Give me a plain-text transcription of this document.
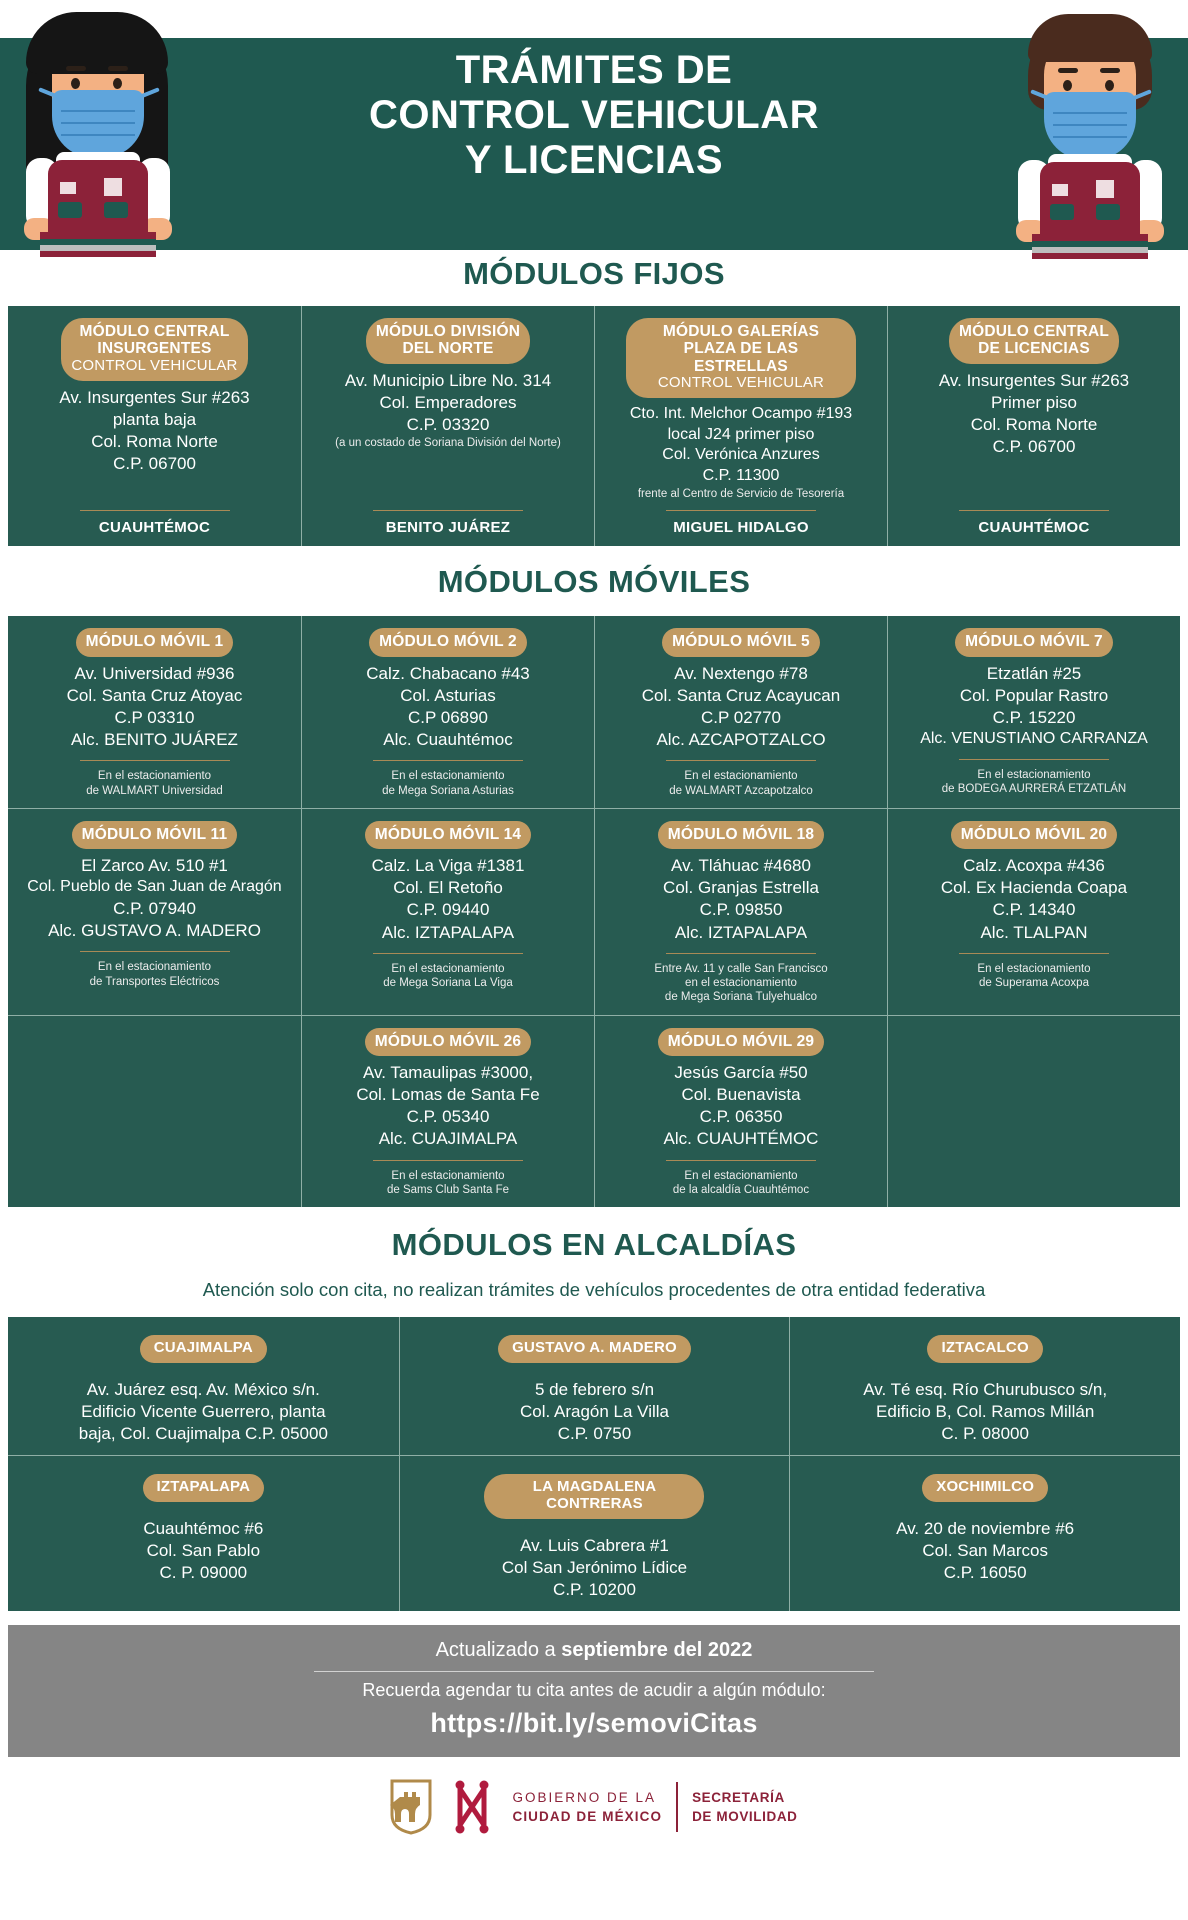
TRÁMITES DE
CONTROL VEHICULAR
Y LICENCIAS
MÓDULOS FIJOS
MÓDULO CENTRAL
INSURGENTES
CONTROL VEHICULAR
Av. Insurgentes Sur #263
planta baja
Col. Roma Norte
C.P. 06700
CUAUHTÉMOC
MÓDULO DIVISIÓN
DEL NORTE
Av. Municipio Libre No. 314
Col. Emperadores
C.P. 03320
(a un costado de Soriana División del Norte)
BENITO JUÁREZ
MÓDULO GALERÍAS
PLAZA DE LAS ESTRELLAS
CONTROL VEHICULAR
Cto. Int. Melchor Ocampo #193
local J24 primer piso
Col. Verónica Anzures
C.P. 11300
frente al Centro de Servicio de Tesorería
MIGUEL HIDALGO
MÓDULO CENTRAL
DE LICENCIAS
Av. Insurgentes Sur #263
Primer piso
Col. Roma Norte
C.P. 06700
CUAUHTÉMOC
MÓDULOS MÓVILES
MÓDULO MÓVIL 1
Av. Universidad #936
Col. Santa Cruz Atoyac
C.P 03310
Alc. BENITO JUÁREZ
En el estacionamiento
de WALMART Universidad
MÓDULO MÓVIL 2
Calz. Chabacano #43
Col. Asturias
C.P 06890
Alc. Cuauhtémoc
En el estacionamiento
de Mega Soriana Asturias
MÓDULO MÓVIL 5
Av. Nextengo #78
Col. Santa Cruz Acayucan
C.P 02770
Alc. AZCAPOTZALCO
En el estacionamiento
de WALMART Azcapotzalco
MÓDULO MÓVIL 7
Etzatlán #25
Col. Popular Rastro
C.P. 15220
Alc. VENUSTIANO CARRANZA
En el estacionamiento
de BODEGA AURRERÁ ETZATLÁN
MÓDULO MÓVIL 11
El Zarco Av. 510 #1
Col. Pueblo de San Juan de Aragón
C.P. 07940
Alc. GUSTAVO A. MADERO
En el estacionamiento
de Transportes Eléctricos
MÓDULO MÓVIL 14
Calz. La Viga #1381
Col. El Retoño
C.P. 09440
Alc. IZTAPALAPA
En el estacionamiento
de Mega Soriana La Viga
MÓDULO MÓVIL 18
Av. Tláhuac #4680
Col. Granjas Estrella
C.P. 09850
Alc. IZTAPALAPA
Entre Av. 11 y calle San Francisco
en el estacionamiento
de Mega Soriana Tulyehualco
MÓDULO MÓVIL 20
Calz. Acoxpa #436
Col. Ex Hacienda Coapa
C.P. 14340
Alc. TLALPAN
En el estacionamiento
de Superama Acoxpa
MÓDULO MÓVIL 26
Av. Tamaulipas #3000,
Col. Lomas de Santa Fe
C.P. 05340
Alc. CUAJIMALPA
En el estacionamiento
de Sams Club Santa Fe
MÓDULO MÓVIL 29
Jesús García #50
Col. Buenavista
C.P. 06350
Alc. CUAUHTÉMOC
En el estacionamiento
de la alcaldía Cuauhtémoc
MÓDULOS EN ALCALDÍAS
Atención solo con cita, no realizan trámites de vehículos procedentes de otra entidad federativa
CUAJIMALPA
Av. Juárez esq. Av. México s/n.
Edificio Vicente Guerrero, planta
baja, Col. Cuajimalpa C.P. 05000
GUSTAVO A. MADERO
5 de febrero s/n
Col. Aragón La Villa
C.P. 0750
IZTACALCO
Av. Té esq. Río Churubusco s/n,
Edificio B, Col. Ramos Millán
C. P. 08000
IZTAPALAPA
Cuauhtémoc #6
Col. San Pablo
C. P. 09000
LA MAGDALENA CONTRERAS
Av. Luis Cabrera #1
Col San Jerónimo Lídice
C.P. 10200
XOCHIMILCO
Av. 20 de noviembre #6
Col. San Marcos
C.P. 16050
Actualizado a septiembre del 2022
Recuerda agendar tu cita antes de acudir a algún módulo:
https://bit.ly/semoviCitas
GOBIERNO DE LA
CIUDAD DE MÉXICO
SECRETARÍA
DE MOVILIDAD
